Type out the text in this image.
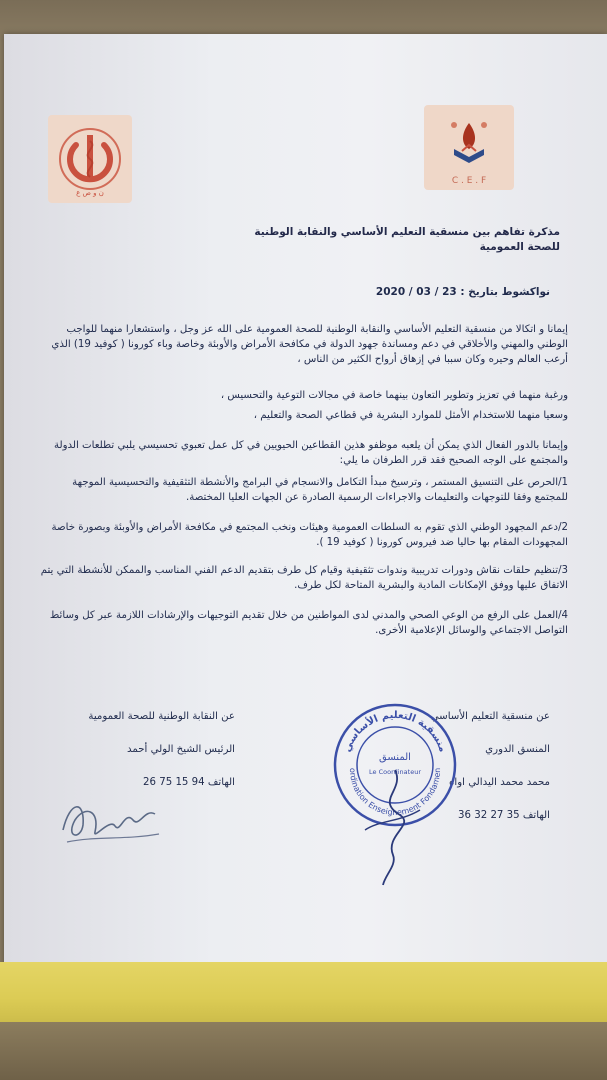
ن و ص ع
C . E . F
مذكرة تفاهم بين منسقية التعليم الأساسي والنقابة الوطنية للصحة العمومية
نواكشوط بتاريخ : 23 / 03 / 2020
إيمانا و اتكالا من منسقية التعليم الأساسي والنقابة الوطنية للصحة العمومية على الله عز وجل ، واستشعارا منهما للواجب الوطني والمهني والأخلاقي في دعم ومساندة جهود الدولة في مكافحة الأمراض والأوبئة وخاصة وباء كورونا ( كوفيد 19) الذي أرعب العالم وحيره وكان سببا في إزهاق أرواح الكثير من الناس ،
ورغبة منهما في تعزيز وتطوير التعاون بينهما خاصة في مجالات التوعية والتحسيس ،
وسعيا منهما للاستخدام الأمثل للموارد البشرية في قطاعي الصحة والتعليم ،
وإيمانا بالدور الفعال الذي يمكن أن يلعبه موظفو هذين القطاعين الحيويين في كل عمل تعبوي تحسيسي يلبي تطلعات الدولة والمجتمع على الوجه الصحيح فقد قرر الطرفان ما يلي:
1/الحرص على التنسيق المستمر ، وترسيخ مبدأ التكامل والانسجام في البرامج والأنشطة التثقيفية والتحسيسية الموجهة للمجتمع وفقا للتوجهات والتعليمات والاجراءات الرسمية الصادرة عن الجهات العليا المختصة.
2/دعم المجهود الوطني الذي تقوم به السلطات العمومية وهيئات ونخب المجتمع في مكافحة الأمراض والأوبئة وبصورة خاصة المجهودات المقام بها حاليا ضد فيروس كورونا ( كوفيد 19 ).
3/تنظيم حلقات نقاش ودورات تدريبية وندوات تثقيفية وقيام كل طرف بتقديم الدعم الفني المناسب والممكن للأنشطة التي يتم الاتفاق عليها ووفق الإمكانات المادية والبشرية المتاحة لكل طرف.
4/العمل على الرفع من الوعي الصحي والمدني لدى المواطنين من خلال تقديم التوجيهات والإرشادات اللازمة عبر كل وسائط التواصل الاجتماعي والوسائل الإعلامية الأخرى.
عن منسقية التعليم الأساسي
المنسق الدوري
محمد محمد اليدالي اواه
الهاتف 35 27 32 36
عن النقابة الوطنية للصحة العمومية
الرئيس الشيخ الولي أحمد
الهاتف 94 15 75 26
منسقية التعليم الأساسي
ordination Enseignement Fondamen
المنسق
Le Coordinateur
